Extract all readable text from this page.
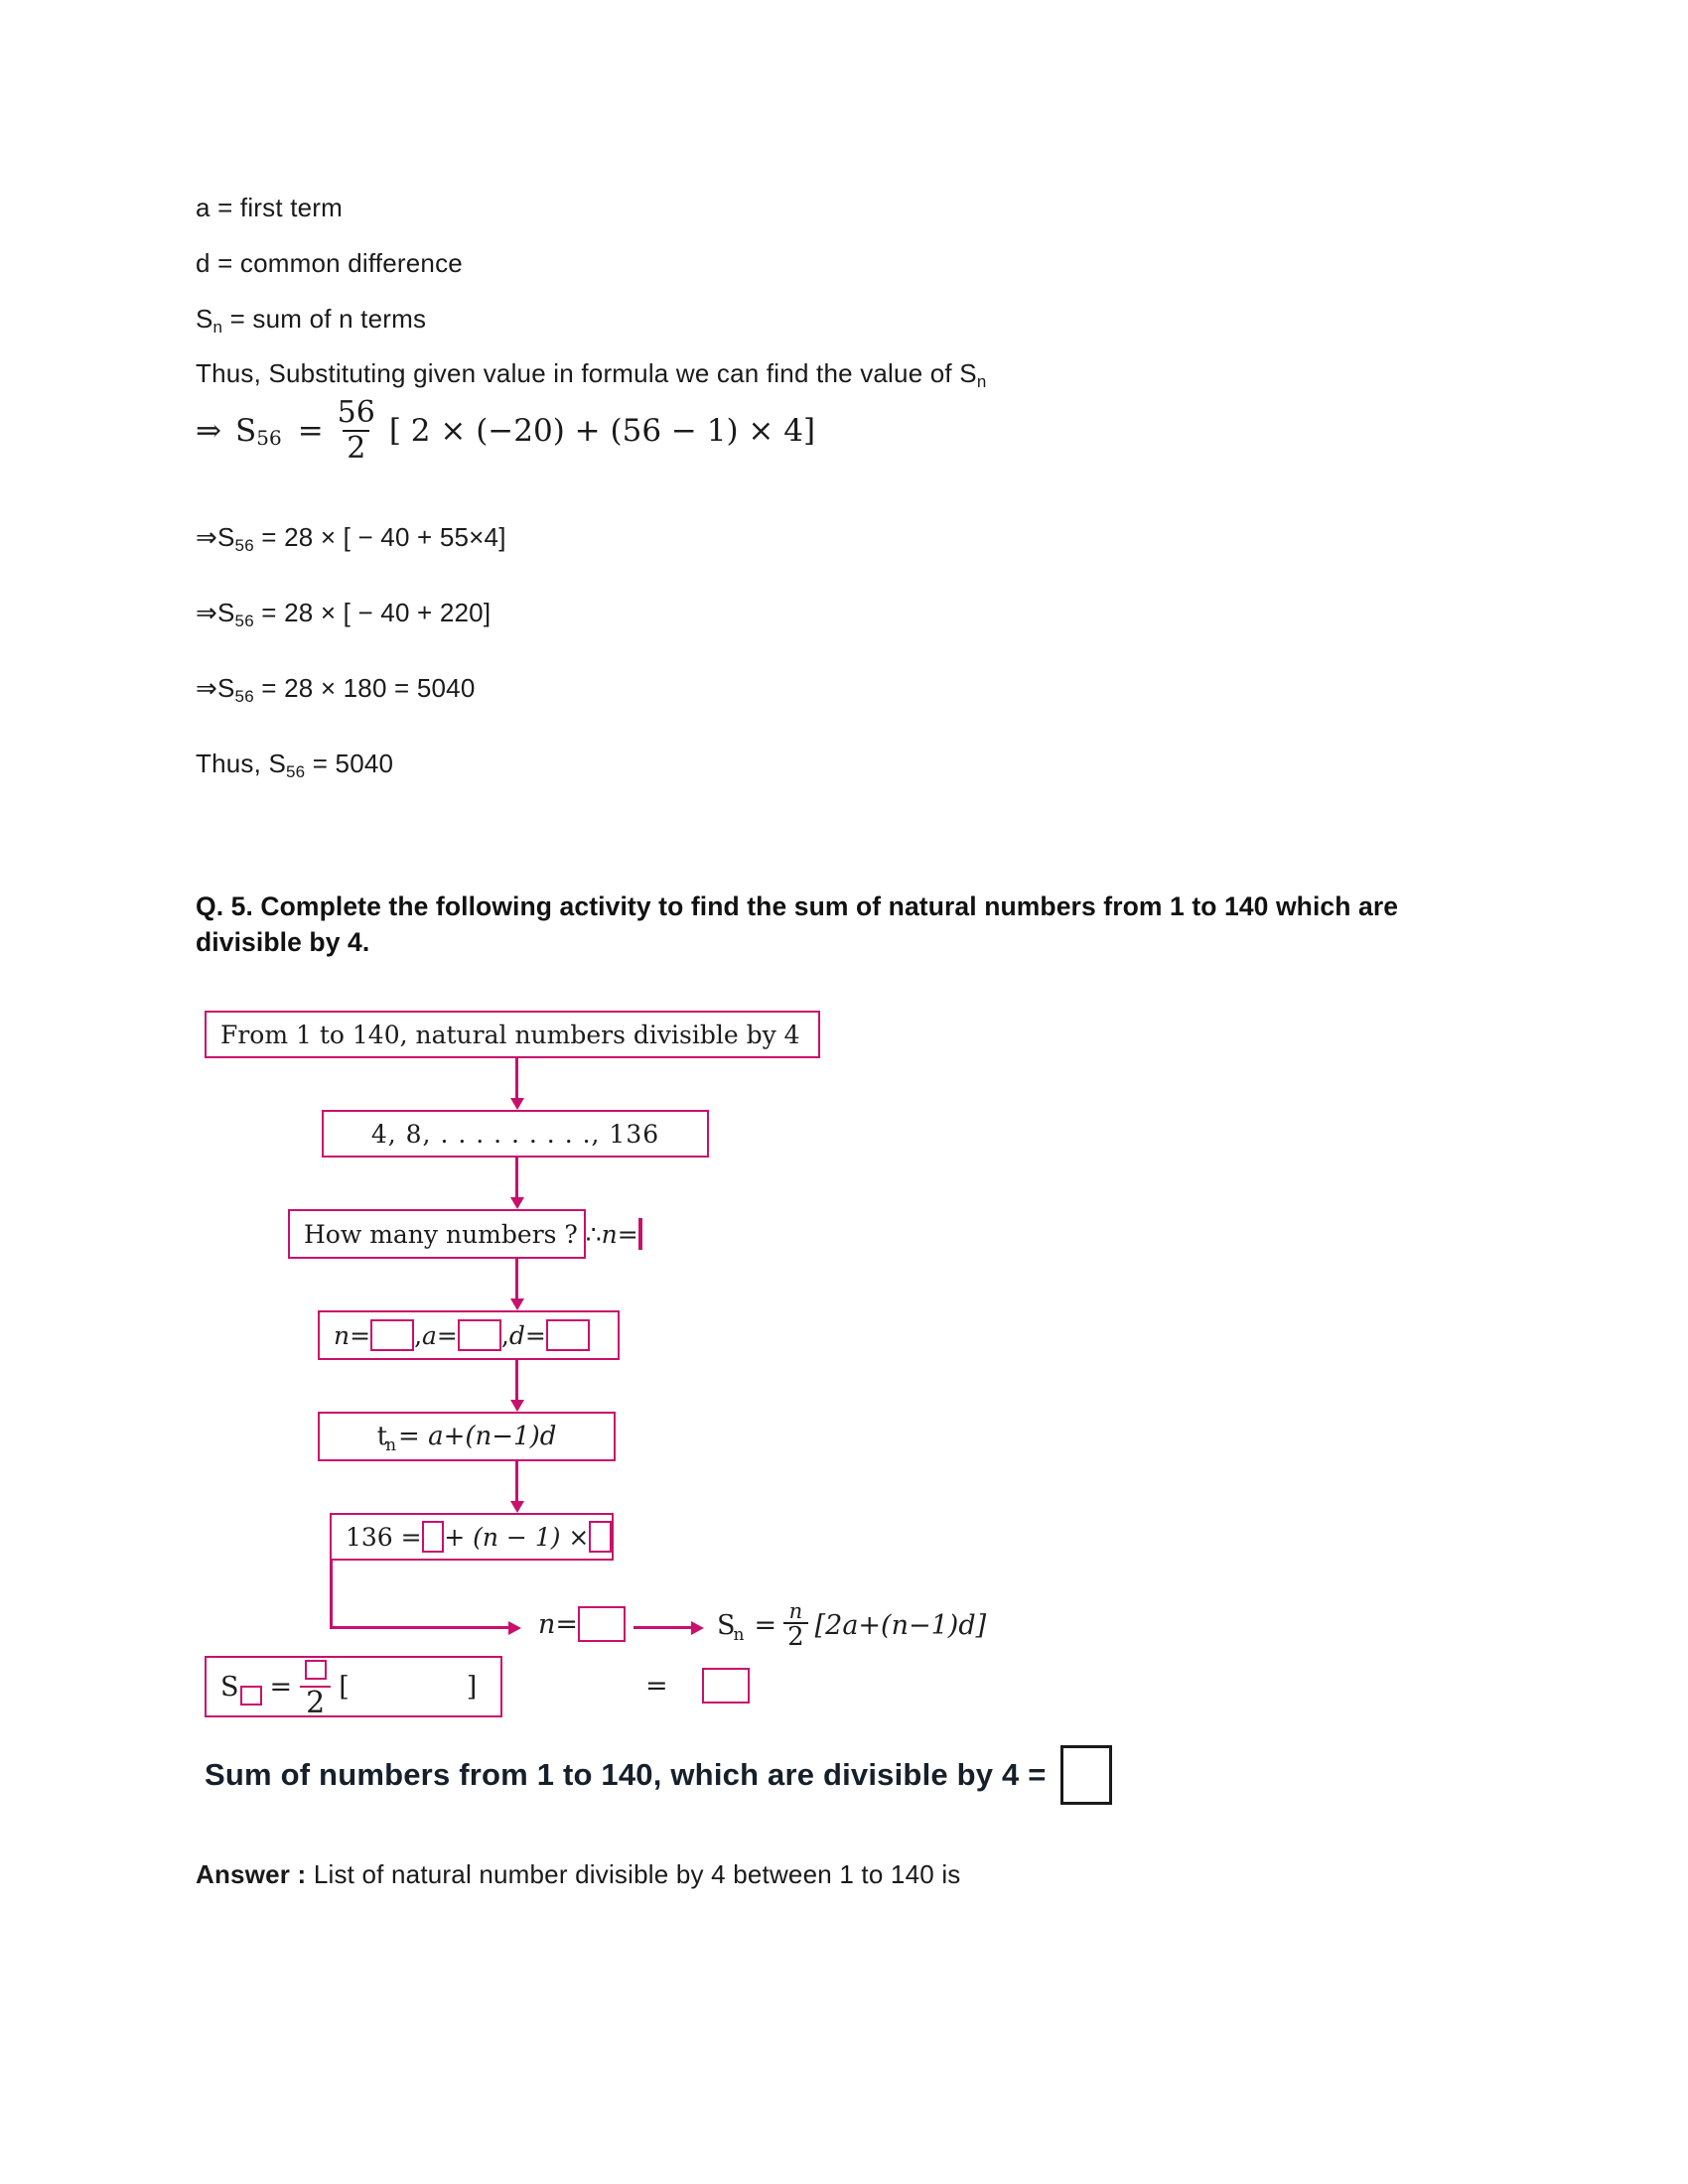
a = first term
d = common difference
$S_n$ = sum of n terms
Thus, Substituting given value in formula we can find the value of $S_n$
⇒ S $56 = \frac{56}{2}$ [ 2 × (−20) + (56 − 1) × 4]
$\Rightarrow S_{56} = 28$ × [ − 40 + 55×4]
$\Rightarrow S_{56} = 28$ × [ − 40 + 220]
$\Rightarrow S_{56} = 28 \times 180 = 5040$
Thus, $S_{56} = 5040$
Q. 5. Complete the following activity to find the sum of natural numbers from 1 to 140 which are divisible by 4.
From 1 to 140, natural numbers divisible by 4
4, 8, . . . . . . . . ., 136
How many numbers ? ∴ n =
n = , a = , d =
t
n = a+(n−1)d
136 = + (n − 1) ×
n =	S
$n = \frac{n}{2} [2a+(n-1)d]$
S = 2 [	]	=
Sum of numbers from 1 to 140, which are divisible by 4 =
Answer : List of natural number divisible by 4 between 1 to 140 is
